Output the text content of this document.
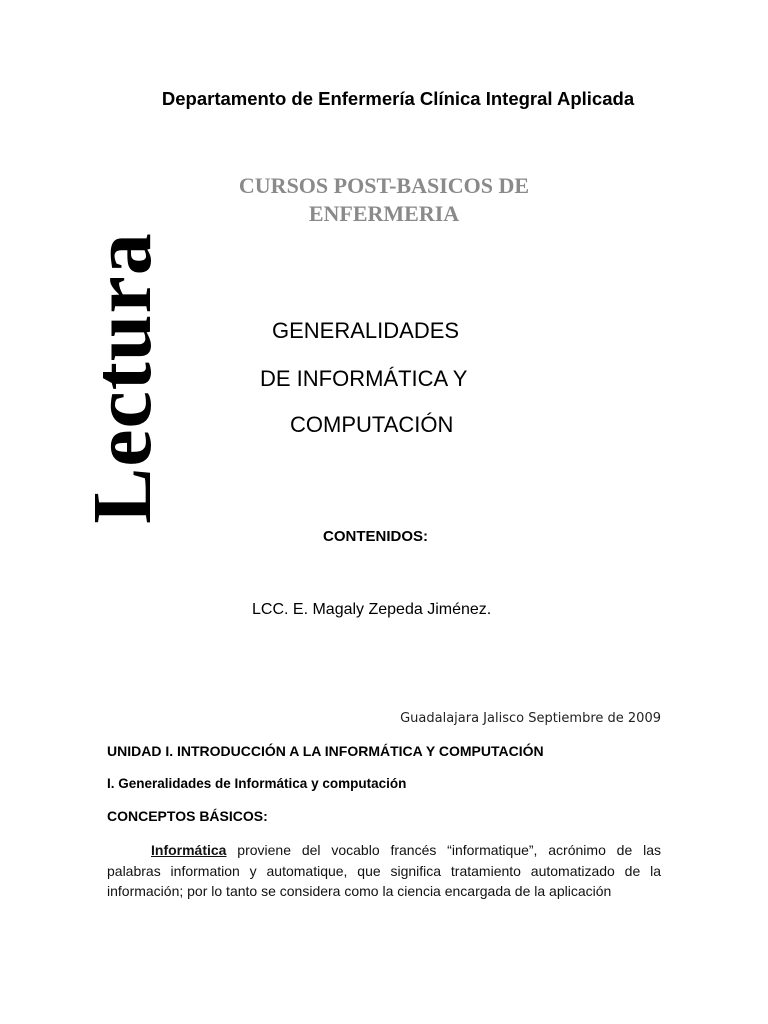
Departamento de Enfermería Clínica Integral Aplicada
CURSOS POST-BASICOS DE
ENFERMERIA
Lectura	GENERALIDADES
DE INFORMÁTICA Y
COMPUTACIÓN
CONTENIDOS:
LCC. E. Magaly Zepeda Jiménez.
Guadalajara Jalisco Septiembre de 2009
UNIDAD I. INTRODUCCIÓN A LA INFORMÁTICA Y COMPUTACIÓN
I. Generalidades de Informática y computación
CONCEPTOS BÁSICOS:

Informática proviene del vocablo francés “informatique”, acrónimo de las palabras information y automatique, que significa tratamiento automatizado de la información; por lo tanto se considera como la ciencia encargada de la aplicación
